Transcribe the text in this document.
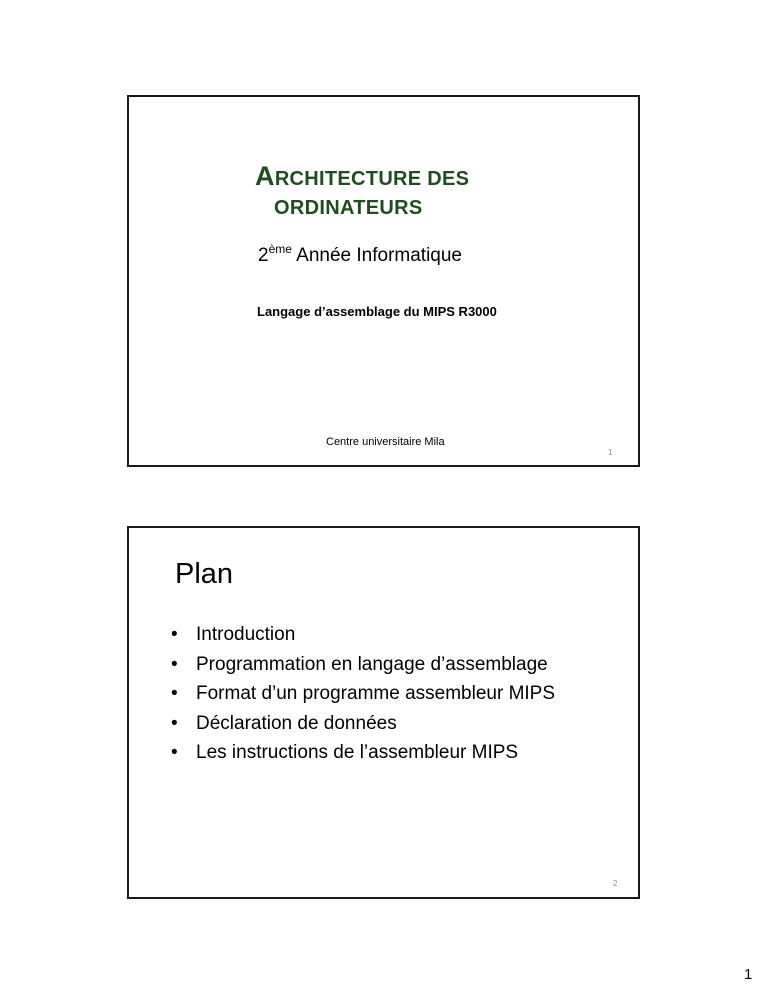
ARCHITECTURE DES
ORDINATEURS
2ème Année Informatique
Langage d’assemblage du MIPS R3000
Centre universitaire Mila
1
Plan
• Introduction
• Programmation en langage d’assemblage
• Format d’un programme assembleur MIPS
• Déclaration de données
• Les instructions de l’assembleur MIPS
2
1
